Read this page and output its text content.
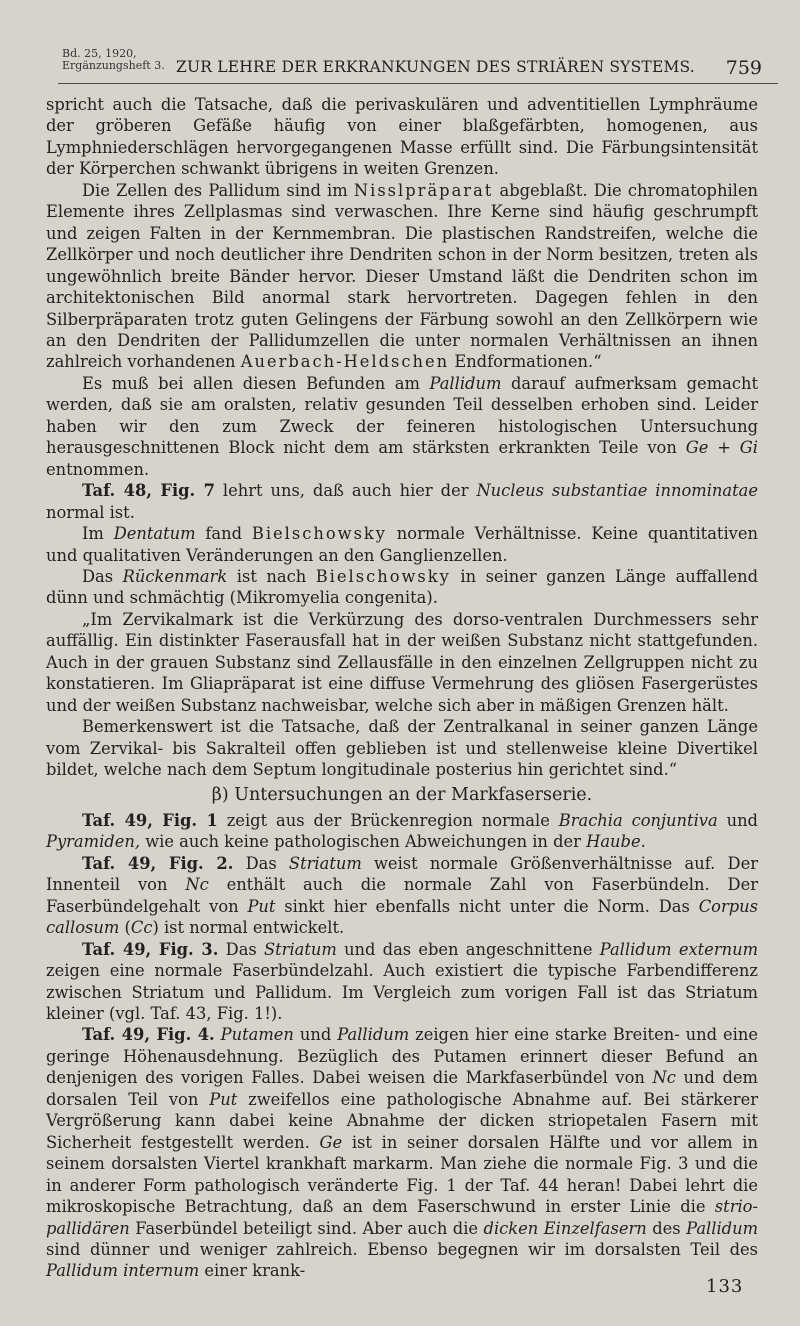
Bd. 25, 1920,
Ergänzungsheft 3. ZUR LEHRE DER ERKRANKUNGEN DES STRIÄREN SYSTEMS. 759

spricht auch die Tatsache, daß die perivaskulären und adventitiellen Lymphräume der gröberen Gefäße häufig von einer blaßgefärbten, homogenen, aus Lymphniederschlägen hervorgegangenen Masse erfüllt sind. Die Färbungsintensität der Körperchen schwankt übrigens in weiten Grenzen.

Die Zellen des Pallidum sind im Nisslpräparat abgeblaßt. Die chromatophilen Elemente ihres Zellplasmas sind verwaschen. Ihre Kerne sind häufig geschrumpft und zeigen Falten in der Kernmembran. Die plastischen Randstreifen, welche die Zellkörper und noch deutlicher ihre Dendriten schon in der Norm besitzen, treten als ungewöhnlich breite Bänder hervor. Dieser Umstand läßt die Dendriten schon im architektonischen Bild anormal stark hervortreten. Dagegen fehlen in den Silberpräparaten trotz guten Gelingens der Färbung sowohl an den Zellkörpern wie an den Dendriten der Pallidumzellen die unter normalen Verhältnissen an ihnen zahlreich vorhandenen Auerbach-Heldschen Endformationen.“

Es muß bei allen diesen Befunden am Pallidum darauf aufmerksam gemacht werden, daß sie am oralsten, relativ gesunden Teil desselben erhoben sind. Leider haben wir den zum Zweck der feineren histologischen Untersuchung herausgeschnittenen Block nicht dem am stärksten erkrankten Teile von Ge + Gi entnommen.

Taf. 48, Fig. 7 lehrt uns, daß auch hier der Nucleus substantiae innominatae normal ist.

Im Dentatum fand Bielschowsky normale Verhältnisse. Keine quantitativen und qualitativen Veränderungen an den Ganglienzellen.

Das Rückenmark ist nach Bielschowsky in seiner ganzen Länge auffallend dünn und schmächtig (Mikromyelia congenita).

„Im Zervikalmark ist die Verkürzung des dorso-ventralen Durchmessers sehr auffällig. Ein distinkter Faserausfall hat in der weißen Substanz nicht stattgefunden. Auch in der grauen Substanz sind Zellausfälle in den einzelnen Zellgruppen nicht zu konstatieren. Im Gliapräparat ist eine diffuse Vermehrung des gliösen Fasergerüstes und der weißen Substanz nachweisbar, welche sich aber in mäßigen Grenzen hält.

Bemerkenswert ist die Tatsache, daß der Zentralkanal in seiner ganzen Länge vom Zervikal- bis Sakralteil offen geblieben ist und stellenweise kleine Divertikel bildet, welche nach dem Septum longitudinale posterius hin gerichtet sind.“

β) Untersuchungen an der Markfaserserie.

Taf. 49, Fig. 1 zeigt aus der Brückenregion normale Brachia conjuntiva und Pyramiden, wie auch keine pathologischen Abweichungen in der Haube.

Taf. 49, Fig. 2. Das Striatum weist normale Größenverhältnisse auf. Der Innenteil von Nc enthält auch die normale Zahl von Faserbündeln. Der Faserbündelgehalt von Put sinkt hier ebenfalls nicht unter die Norm. Das Corpus callosum (Cc) ist normal entwickelt.

Taf. 49, Fig. 3. Das Striatum und das eben angeschnittene Pallidum externum zeigen eine normale Faserbündelzahl. Auch existiert die typische Farbendifferenz zwischen Striatum und Pallidum. Im Vergleich zum vorigen Fall ist das Striatum kleiner (vgl. Taf. 43, Fig. 1!).

Taf. 49, Fig. 4. Putamen und Pallidum zeigen hier eine starke Breiten- und eine geringe Höhenausdehnung. Bezüglich des Putamen erinnert dieser Befund an denjenigen des vorigen Falles. Dabei weisen die Markfaserbündel von Nc und dem dorsalen Teil von Put zweifellos eine pathologische Abnahme auf. Bei stärkerer Vergrößerung kann dabei keine Abnahme der dicken striopetalen Fasern mit Sicherheit festgestellt werden. Ge ist in seiner dorsalen Hälfte und vor allem in seinem dorsalsten Viertel krankhaft markarm. Man ziehe die normale Fig. 3 und die in anderer Form pathologisch veränderte Fig. 1 der Taf. 44 heran! Dabei lehrt die mikroskopische Betrachtung, daß an dem Faserschwund in erster Linie die strio-pallidären Faserbündel beteiligt sind. Aber auch die dicken Einzelfasern des Pallidum sind dünner und weniger zahlreich. Ebenso begegnen wir im dorsalsten Teil des Pallidum internum einer krank-

133
